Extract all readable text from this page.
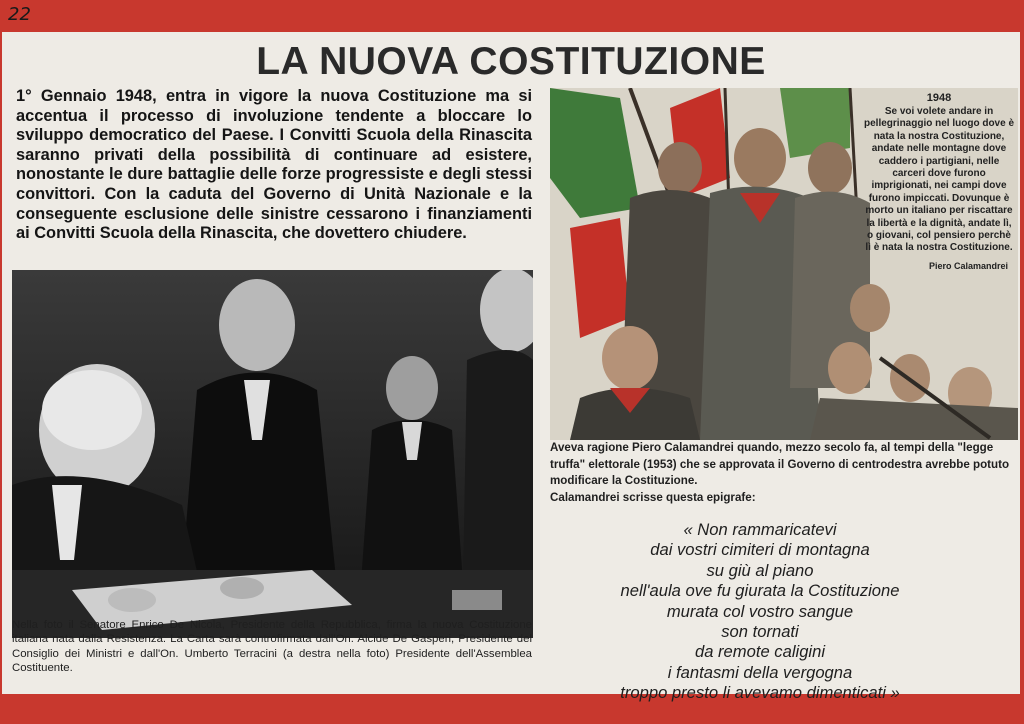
22
LA NUOVA COSTITUZIONE
1° Gennaio 1948, entra in vigore la nuova Costituzione ma si accentua il processo di involuzione tendente a bloccare lo sviluppo democratico del Paese. I Convitti Scuola della Rinascita saranno privati della possibilità di continuare ad esistere, nonostante le dure battaglie delle forze progressiste e degli stessi convittori. Con la caduta del Governo di Unità Nazionale e la conseguente esclusione delle sinistre cessarono i finanziamenti ai Convitti Scuola della Rinascita, che dovettero chiudere.
Nella foto il Senatore Enrico De Nicola, Presidente della Repubblica, firma la nuova Costituzione italiana nata dalla Resistenza. La Carta sarà controfirmata dall'On. Alcide De Gasperi, Presidente del Consiglio dei Ministri e dall'On. Umberto Terracini (a destra nella foto) Presidente dell'Assemblea Costituente.
1948
Se voi volete andare in pellegrinaggio nel luogo dove è nata la nostra Costituzione, andate nelle montagne dove caddero i partigiani, nelle carceri dove furono imprigionati, nei campi dove furono impiccati. Dovunque è morto un italiano per riscattare la libertà e la dignità, andate lì, o giovani, col pensiero perchè lì è nata la nostra Costituzione.
Piero Calamandrei
Aveva ragione Piero Calamandrei quando, mezzo secolo fa, al tempi della "legge truffa" elettorale (1953) che se approvata il Governo di centrodestra avrebbe potuto modificare la Costituzione.
Calamandrei scrisse questa epigrafe:
« Non rammaricatevi
dai vostri cimiteri di montagna
su giù al piano
nell'aula ove fu giurata la Costituzione
murata col vostro sangue
son tornati
da remote caligini
i fantasmi della vergogna
troppo presto li avevamo dimenticati »
